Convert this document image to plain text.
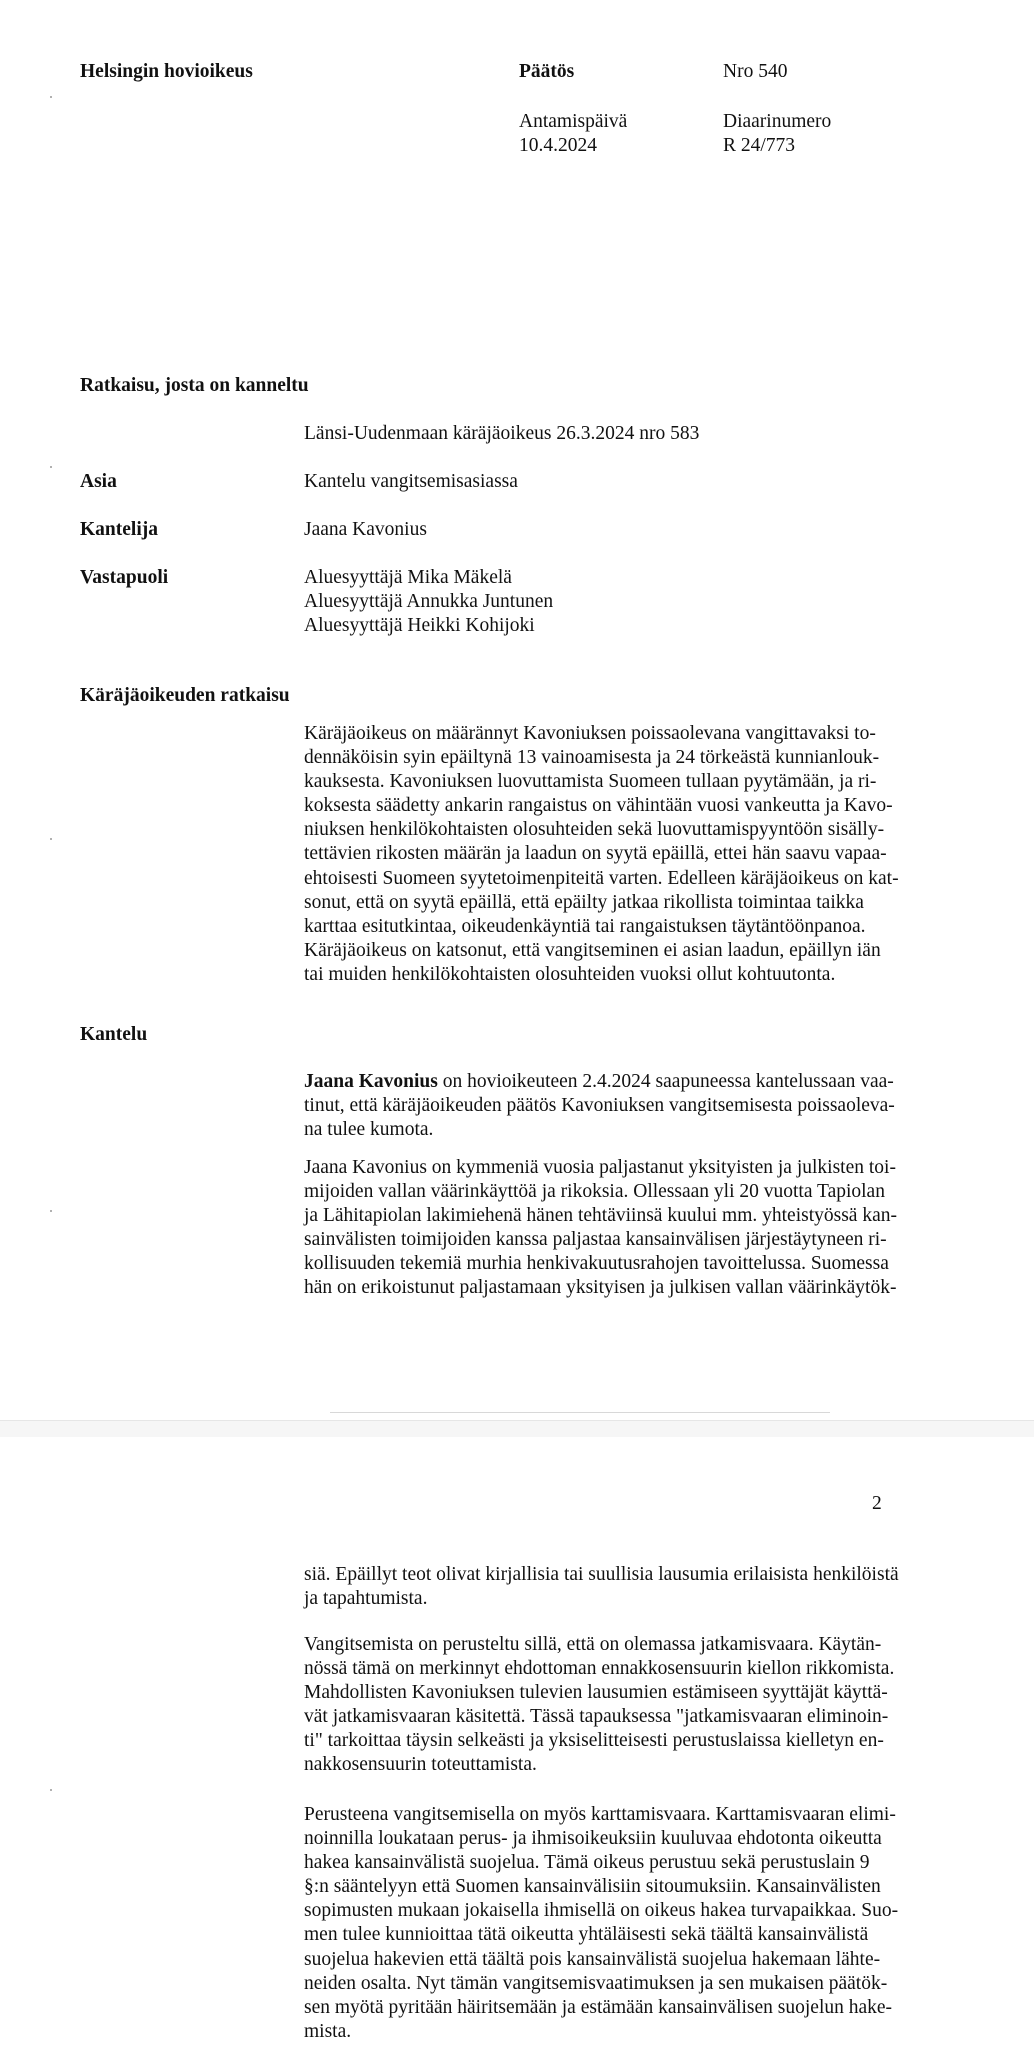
Helsingin hovioikeus	Päätös	Nro 540
Antamispäivä
10.4.2024
Diaarinumero
R 24/773
Ratkaisu, josta on kanneltu
Länsi-Uudenmaan käräjäoikeus 26.3.2024 nro 583
Asia	Kantelu vangitsemisasiassa
Kantelija	Jaana Kavonius
Vastapuoli	Aluesyyttäjä Mika Mäkelä
Aluesyyttäjä Annukka Juntunen
Aluesyyttäjä Heikki Kohijoki
Käräjäoikeuden ratkaisu
Käräjäoikeus on määrännyt Kavoniuksen poissaolevana vangittavaksi to-
dennäköisin syin epäiltynä 13 vainoamisesta ja 24 törkeästä kunnianlouk-
kauksesta. Kavoniuksen luovuttamista Suomeen tullaan pyytämään, ja ri-
koksesta säädetty ankarin rangaistus on vähintään vuosi vankeutta ja Kavo-
niuksen henkilökohtaisten olosuhteiden sekä luovuttamispyyntöön sisälly-
tettävien rikosten määrän ja laadun on syytä epäillä, ettei hän saavu vapaa-
ehtoisesti Suomeen syytetoimenpiteitä varten. Edelleen käräjäoikeus on kat-
sonut, että on syytä epäillä, että epäilty jatkaa rikollista toimintaa taikka
karttaa esitutkintaa, oikeudenkäyntiä tai rangaistuksen täytäntöönpanoa.
Käräjäoikeus on katsonut, että vangitseminen ei asian laadun, epäillyn iän
tai muiden henkilökohtaisten olosuhteiden vuoksi ollut kohtuutonta.
Kantelu
Jaana Kavonius on hovioikeuteen 2.4.2024 saapuneessa kantelussaan vaa-
tinut, että käräjäoikeuden päätös Kavoniuksen vangitsemisesta poissaoleva-
na tulee kumota.
Jaana Kavonius on kymmeniä vuosia paljastanut yksityisten ja julkisten toi-
mijoiden vallan väärinkäyttöä ja rikoksia. Ollessaan yli 20 vuotta Tapiolan
ja Lähitapiolan lakimiehenä hänen tehtäviinsä kuului mm. yhteistyössä kan-
sainvälisten toimijoiden kanssa paljastaa kansainvälisen järjestäytyneen ri-
kollisuuden tekemiä murhia henkivakuutusrahojen tavoittelussa. Suomessa
hän on erikoistunut paljastamaan yksityisen ja julkisen vallan väärinkäytök-
2
siä. Epäillyt teot olivat kirjallisia tai suullisia lausumia erilaisista henkilöistä
ja tapahtumista.
Vangitsemista on perusteltu sillä, että on olemassa jatkamisvaara. Käytän-
nössä tämä on merkinnyt ehdottoman ennakkosensuurin kiellon rikkomista.
Mahdollisten Kavoniuksen tulevien lausumien estämiseen syyttäjät käyttä-
vät jatkamisvaaran käsitettä. Tässä tapauksessa "jatkamisvaaran eliminoin-
ti" tarkoittaa täysin selkeästi ja yksiselitteisesti perustuslaissa kielletyn en-
nakkosensuurin toteuttamista.
Perusteena vangitsemisella on myös karttamisvaara. Karttamisvaaran elimi-
noinnilla loukataan perus- ja ihmisoikeuksiin kuuluvaa ehdotonta oikeutta
hakea kansainvälistä suojelua. Tämä oikeus perustuu sekä perustuslain 9
§:n sääntelyyn että Suomen kansainvälisiin sitoumuksiin. Kansainvälisten
sopimusten mukaan jokaisella ihmisellä on oikeus hakea turvapaikkaa. Suo-
men tulee kunnioittaa tätä oikeutta yhtäläisesti sekä täältä kansainvälistä
suojelua hakevien että täältä pois kansainvälistä suojelua hakemaan lähte-
neiden osalta. Nyt tämän vangitsemisvaatimuksen ja sen mukaisen päätök-
sen myötä pyritään häiritsemään ja estämään kansainvälisen suojelun hake-
mista.
